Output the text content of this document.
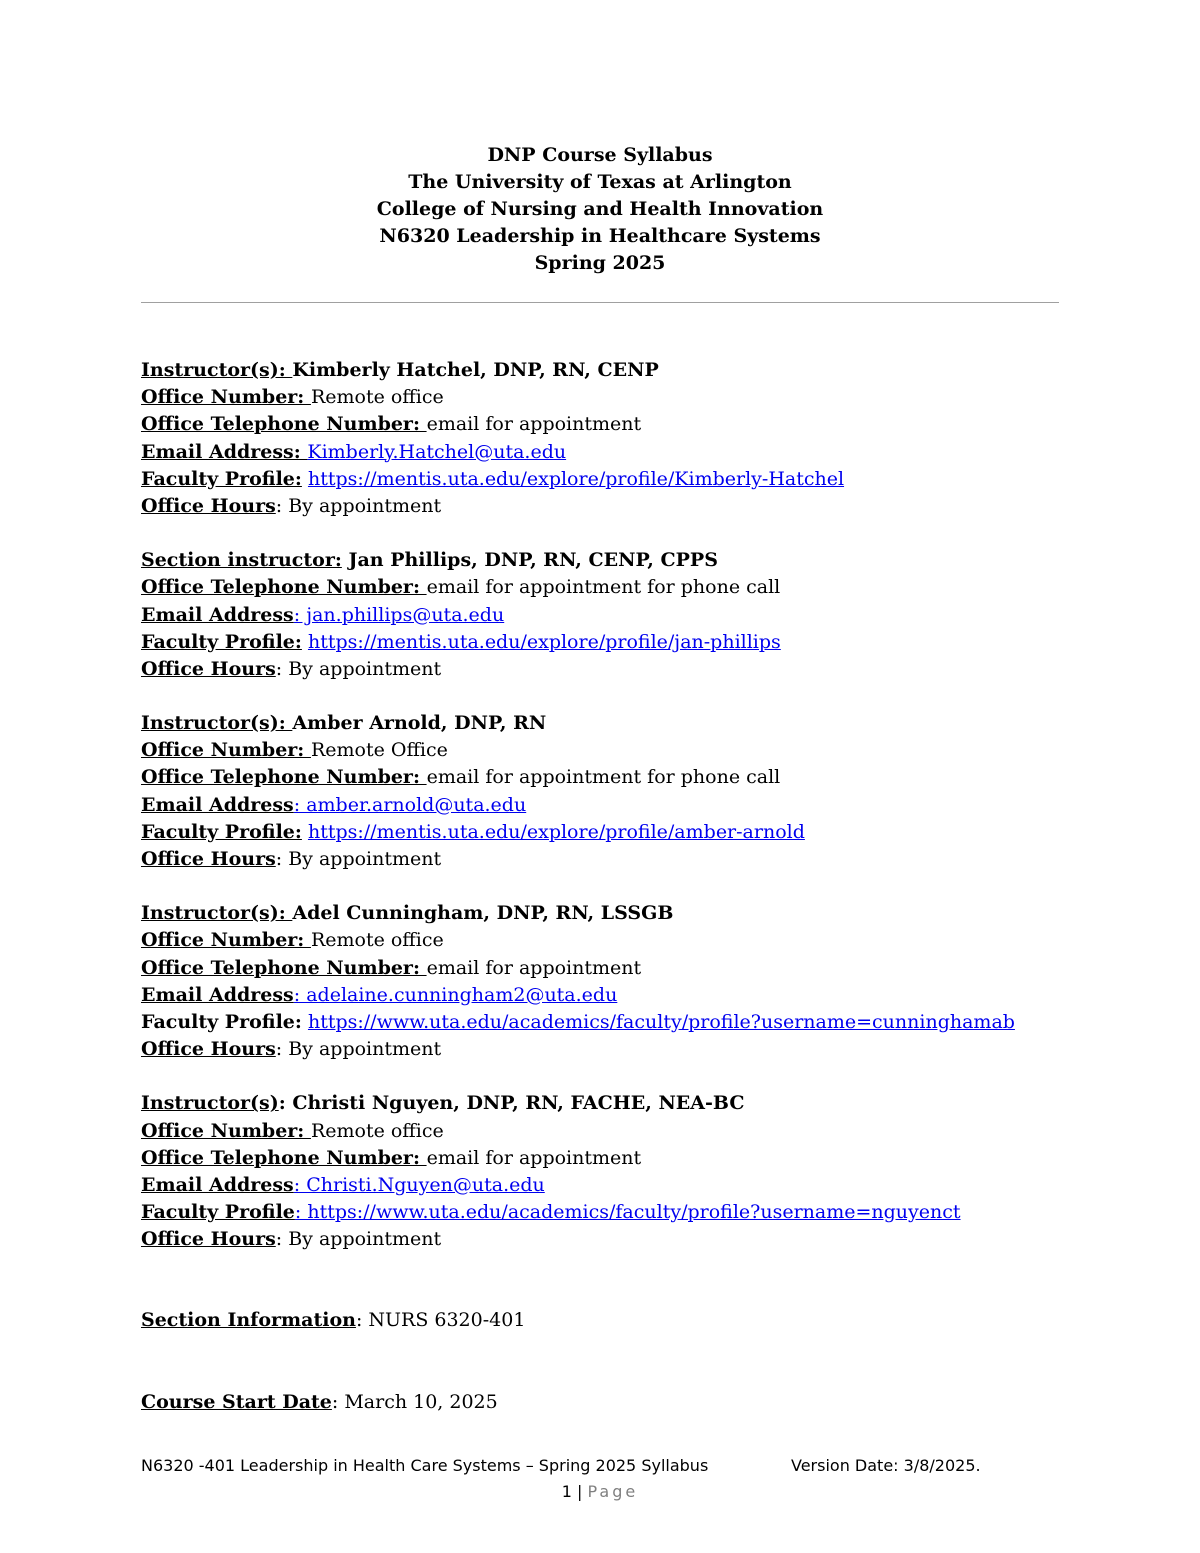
DNP Course Syllabus
The University of Texas at Arlington
College of Nursing and Health Innovation
N6320 Leadership in Healthcare Systems
Spring 2025
Instructor(s): Kimberly Hatchel, DNP, RN, CENP
Office Number: Remote office
Office Telephone Number: email for appointment
Email Address: Kimberly.Hatchel@uta.edu
Faculty Profile: https://mentis.uta.edu/explore/profile/Kimberly-Hatchel
Office Hours: By appointment
Section instructor: Jan Phillips, DNP, RN, CENP, CPPS
Office Telephone Number: email for appointment for phone call
Email Address: jan.phillips@uta.edu
Faculty Profile: https://mentis.uta.edu/explore/profile/jan-phillips
Office Hours: By appointment
Instructor(s): Amber Arnold, DNP, RN
Office Number: Remote Office
Office Telephone Number: email for appointment for phone call
Email Address: amber.arnold@uta.edu
Faculty Profile: https://mentis.uta.edu/explore/profile/amber-arnold
Office Hours: By appointment
Instructor(s): Adel Cunningham, DNP, RN, LSSGB
Office Number: Remote office
Office Telephone Number: email for appointment
Email Address: adelaine.cunningham2@uta.edu
Faculty Profile: https://www.uta.edu/academics/faculty/profile?username=cunninghamab
Office Hours: By appointment
Instructor(s): Christi Nguyen, DNP, RN, FACHE, NEA-BC
Office Number: Remote office
Office Telephone Number: email for appointment
Email Address: Christi.Nguyen@uta.edu
Faculty Profile: https://www.uta.edu/academics/faculty/profile?username=nguyenct
Office Hours: By appointment
Section Information: NURS 6320-401
Course Start Date: March 10, 2025
N6320 -401 Leadership in Health Care Systems – Spring 2025 Syllabus	Version Date: 3/8/2025.
1 | Page
